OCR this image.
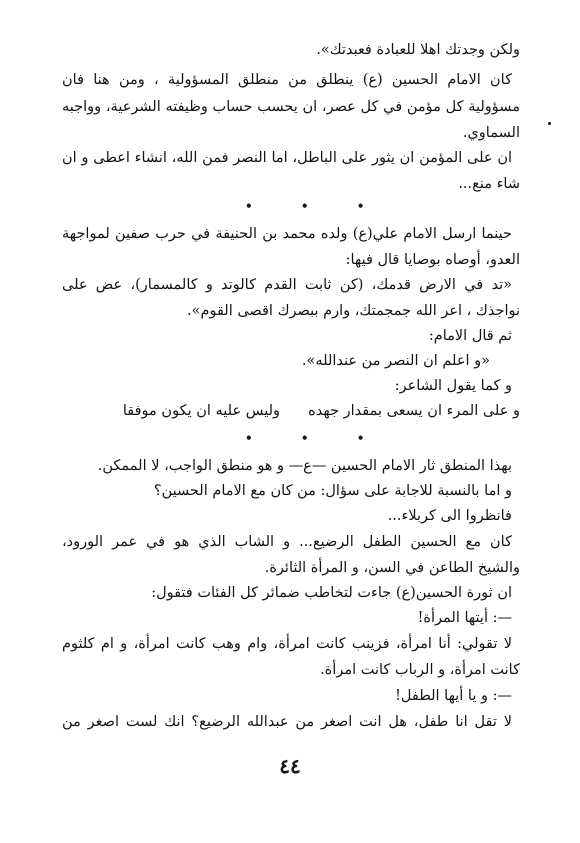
ولكن وجدتك اهلا للعبادة فعبدتك».
كان الامام الحسين (ع) ينطلق من منطلق المسؤولية ، ومن هنا فان
مسؤولية كل مؤمن في كل عصر، ان يحسب حساب وظيفته الشرعية، وواجبه
السماوي.
ان على المؤمن ان يثور على الباطل، اما النصر فمن الله، انشاء اعطى و ان
شاء منع...
• • •
حينما ارسل الامام علي(ع) ولده محمد بن الحنيفة في حرب صفين لمواجهة
العدو، أوصاه بوصايا قال فيها:
«تد في الارض قدمك، (كن ثابت القدم كالوتد و كالمسمار)، عض على
نواجذك ، اعر الله جمجمتك، وارم ببصرك اقصى القوم».
ثم قال الامام:
«و اعلم ان النصر من عندالله».
و كما يقول الشاعر:
و على المرء ان يسعى بمقدار جهده
وليس عليه ان يكون موفقا
• • •
بهذا المنطق ثار الامام الحسين —ع— و هو منطق الواجب، لا الممكن.
و اما بالنسبة للاجابة على سؤال: من كان مع الامام الحسين؟
فانظروا الى كربلاء...
كان مع الحسين الطفل الرضيع... و الشاب الذي هو في عمر الورود،
والشيخ الطاعن في السن، و المرأة الثائرة.
ان ثورة الحسين(ع) جاءت لتخاطب ضمائر كل الفئات فتقول:
—: أيتها المرأة!
لا تقولي: أنا امرأة، فزينب كانت امرأة، وام وهب كانت امرأة، و ام كلثوم
كانت امرأة، و الرباب كانت امرأة.
—: و يا أيها الطفل!
لا تقل انا طفل، هل انت اصغر من عبدالله الرضيع؟ انك لست اصغر من
٤٤
